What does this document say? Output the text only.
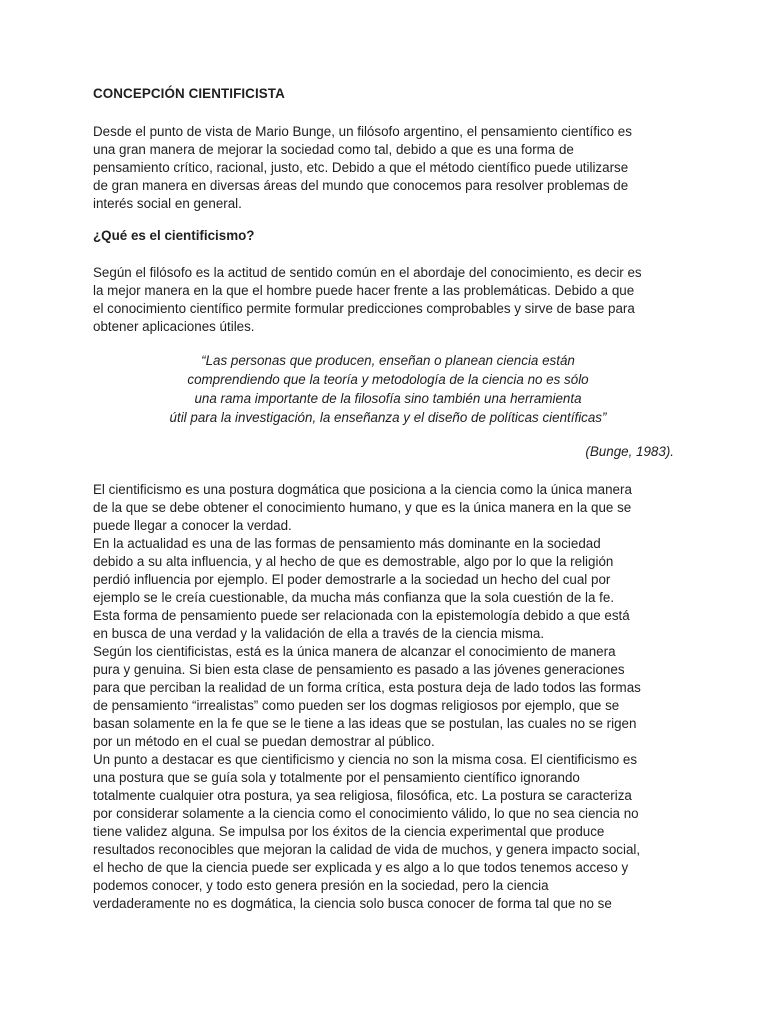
CONCEPCIÓN CIENTIFICISTA

Desde el punto de vista de Mario Bunge, un filósofo argentino, el pensamiento científico es
una gran manera de mejorar la sociedad como tal, debido a que es una forma de
pensamiento crítico, racional, justo, etc. Debido a que el método científico puede utilizarse
de gran manera en diversas áreas del mundo que conocemos para resolver problemas de
interés social en general.

¿Qué es el cientificismo?

Según el filósofo es la actitud de sentido común en el abordaje del conocimiento, es decir es
la mejor manera en la que el hombre puede hacer frente a las problemáticas. Debido a que
el conocimiento científico permite formular predicciones comprobables y sirve de base para
obtener aplicaciones útiles.

“Las personas que producen, enseñan o planean ciencia están
comprendiendo que la teoría y metodología de la ciencia no es sólo
una rama importante de la filosofía sino también una herramienta
útil para la investigación, la enseñanza y el diseño de políticas científicas”

(Bunge, 1983).

El cientificismo es una postura dogmática que posiciona a la ciencia como la única manera
de la que se debe obtener el conocimiento humano, y que es la única manera en la que se
puede llegar a conocer la verdad.
En la actualidad es una de las formas de pensamiento más dominante en la sociedad
debido a su alta influencia, y al hecho de que es demostrable, algo por lo que la religión
perdió influencia por ejemplo. El poder demostrarle a la sociedad un hecho del cual por
ejemplo se le creía cuestionable, da mucha más confianza que la sola cuestión de la fe.
Esta forma de pensamiento puede ser relacionada con la epistemología debido a que está
en busca de una verdad y la validación de ella a través de la ciencia misma.
Según los cientificistas, está es la única manera de alcanzar el conocimiento de manera
pura y genuina. Si bien esta clase de pensamiento es pasado a las jóvenes generaciones
para que perciban la realidad de un forma crítica, esta postura deja de lado todos las formas
de pensamiento “irrealistas” como pueden ser los dogmas religiosos por ejemplo, que se
basan solamente en la fe que se le tiene a las ideas que se postulan, las cuales no se rigen
por un método en el cual se puedan demostrar al público.
Un punto a destacar es que cientificismo y ciencia no son la misma cosa. El cientificismo es
una postura que se guía sola y totalmente por el pensamiento científico ignorando
totalmente cualquier otra postura, ya sea religiosa, filosófica, etc. La postura se caracteriza
por considerar solamente a la ciencia como el conocimiento válido, lo que no sea ciencia no
tiene validez alguna. Se impulsa por los éxitos de la ciencia experimental que produce
resultados reconocibles que mejoran la calidad de vida de muchos, y genera impacto social,
el hecho de que la ciencia puede ser explicada y es algo a lo que todos tenemos acceso y
podemos conocer, y todo esto genera presión en la sociedad, pero la ciencia
verdaderamente no es dogmática, la ciencia solo busca conocer de forma tal que no se
